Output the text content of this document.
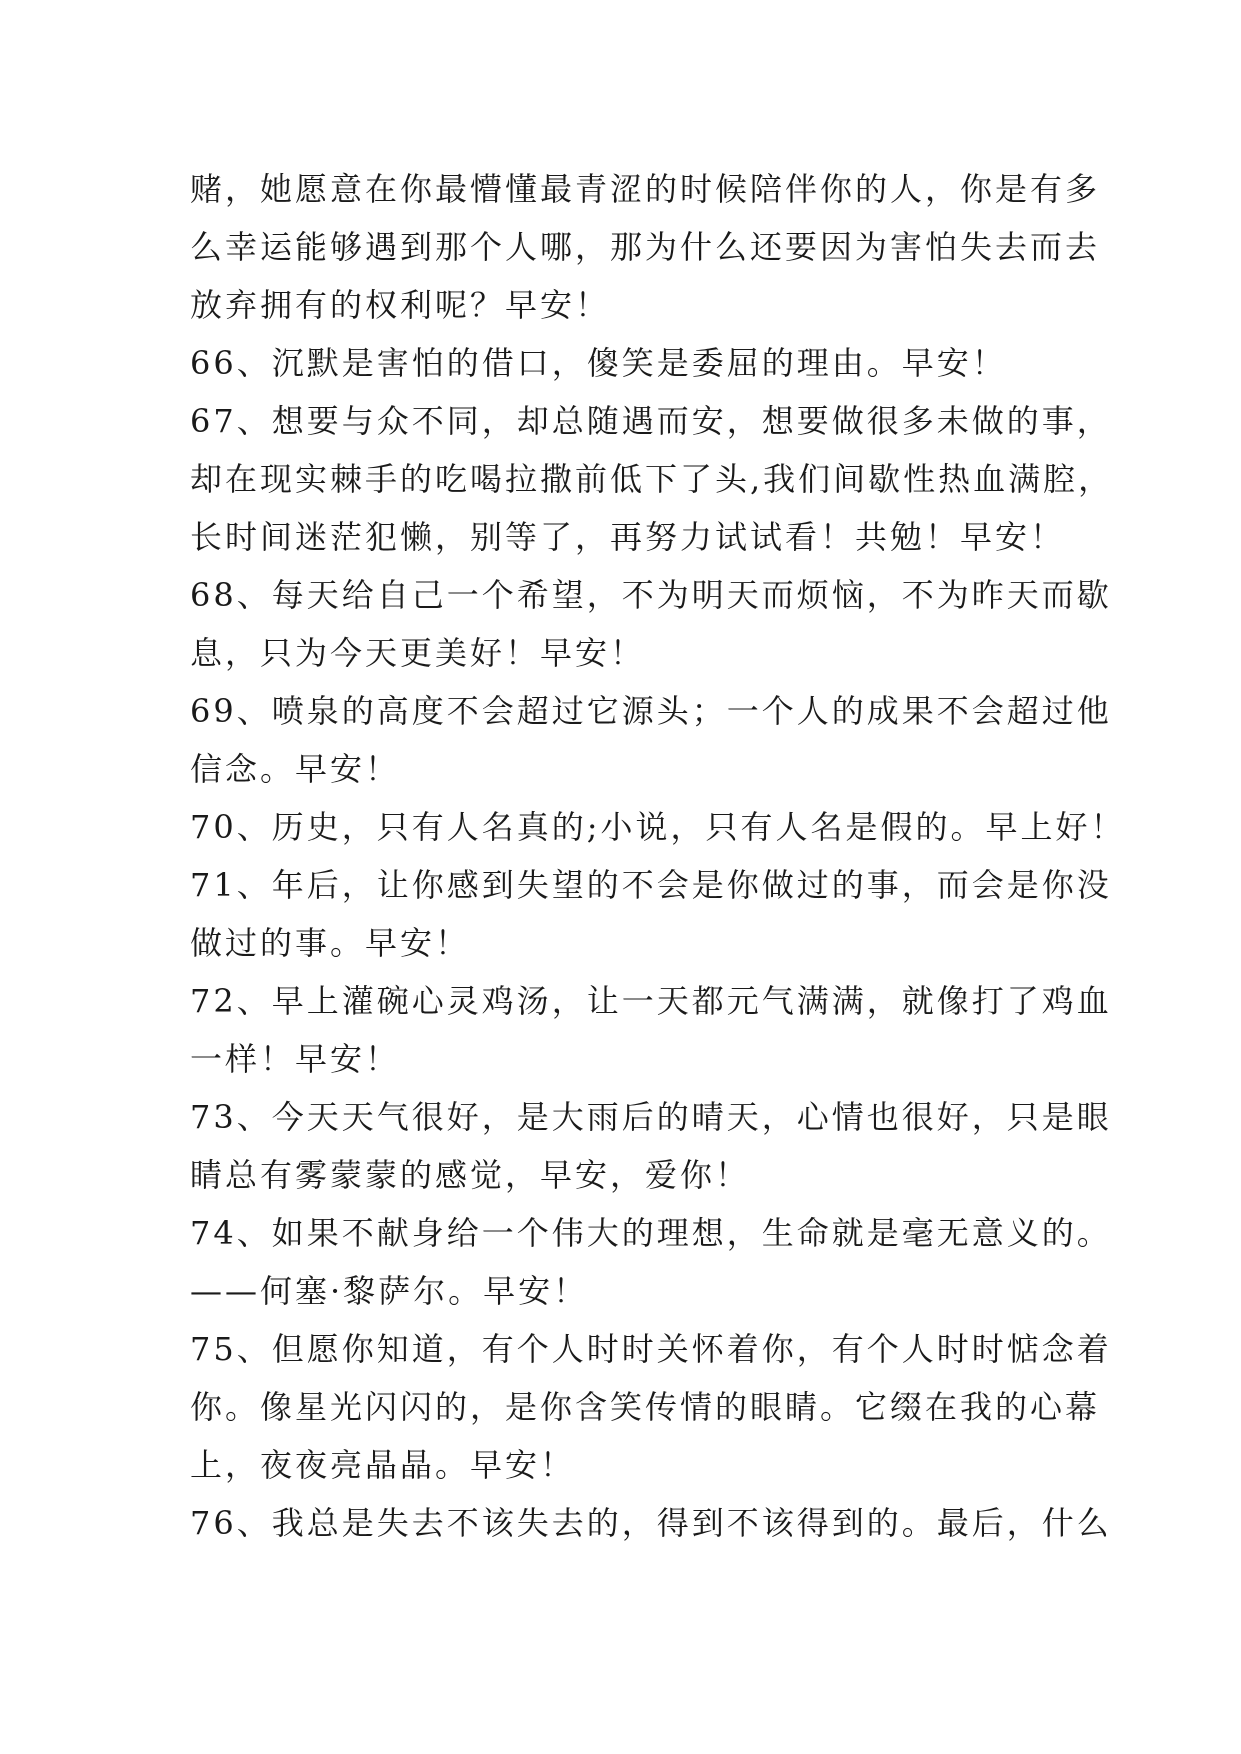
赌，她愿意在你最懵懂最青涩的时候陪伴你的人，你是有多
么幸运能够遇到那个人哪，那为什么还要因为害怕失去而去
放弃拥有的权利呢？早安！
66、沉默是害怕的借口，傻笑是委屈的理由。早安！
67、想要与众不同，却总随遇而安，想要做很多未做的事，
却在现实棘手的吃喝拉撒前低下了头,我们间歇性热血满腔，
长时间迷茫犯懒，别等了，再努力试试看！共勉！早安！
68、每天给自己一个希望，不为明天而烦恼，不为昨天而歇
息，只为今天更美好！早安！
69、喷泉的高度不会超过它源头；一个人的成果不会超过他
信念。早安！
70、历史，只有人名真的;小说，只有人名是假的。早上好！
71、年后，让你感到失望的不会是你做过的事，而会是你没
做过的事。早安！
72、早上灌碗心灵鸡汤，让一天都元气满满，就像打了鸡血
一样！早安！
73、今天天气很好，是大雨后的晴天，心情也很好，只是眼
睛总有雾蒙蒙的感觉，早安，爱你！
74、如果不献身给一个伟大的理想，生命就是毫无意义的。
——何塞·黎萨尔。早安！
75、但愿你知道，有个人时时关怀着你，有个人时时惦念着
你。像星光闪闪的，是你含笑传情的眼睛。它缀在我的心幕
上，夜夜亮晶晶。早安！
76、我总是失去不该失去的，得到不该得到的。最后，什么
